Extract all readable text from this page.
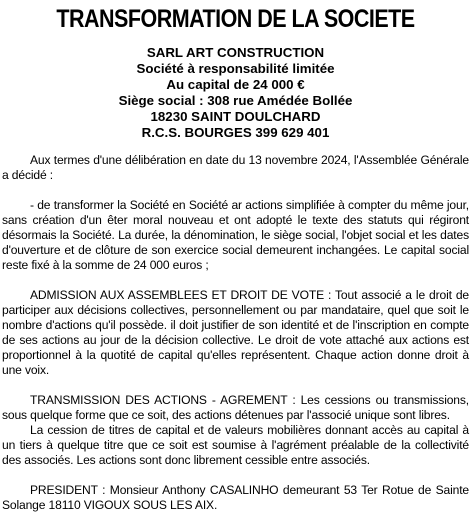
TRANSFORMATION DE LA SOCIETE
SARL ART CONSTRUCTION
Société à responsabilité limitée
Au capital de 24 000 €
Siège social : 308 rue Amédée Bollée
18230 SAINT DOULCHARD
R.C.S. BOURGES 399 629 401

Aux termes d'une délibération en date du 13 novembre 2024, l'Assemblée Générale a décidé :

- de transformer la Société en Société ar actions simplifiée à compter du même jour, sans création d'un êter moral nouveau et ont adopté le texte des statuts qui régiront désormais la Société. La durée, la dénomination, le siège social, l'objet social et les dates d'ouverture et de clôture de son exercice social demeurent inchangées. Le capital social reste fixé à la somme de 24 000 euros ;

ADMISSION AUX ASSEMBLEES ET DROIT DE VOTE : Tout associé a le droit de participer aux décisions collectives, personnellement ou par mandataire, quel que soit le nombre d'actions qu'il possède. il doit justifier de son identité et de l'inscription en compte de ses actions au jour de la décision collective. Le droit de vote attaché aux actions est proportionnel à la quotité de capital qu'elles représentent. Chaque action donne droit à une voix.

TRANSMISSION DES ACTIONS - AGREMENT : Les cessions ou transmissions, sous quelque forme que ce soit, des actions détenues par l'associé unique sont libres.

La cession de titres de capital et de valeurs mobilières donnant accès au capital à un tiers à quelque titre que ce soit est soumise à l'agrément préalable de la collectivité des associés. Les actions sont donc librement cessible entre associés.

PRESIDENT : Monsieur Anthony CASALINHO demeurant 53 Ter Rotue de Sainte Solange 18110 VIGOUX SOUS LES AIX.
